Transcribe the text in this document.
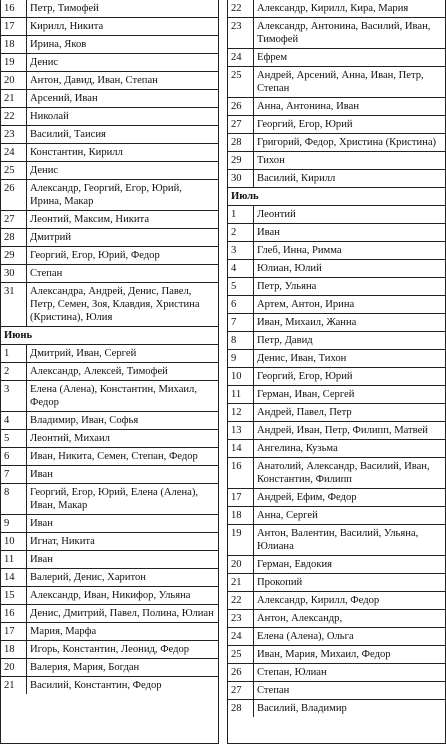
16	Петр, Тимофей
17	Кирилл, Никита
18	Ирина, Яков
19	Денис
20	Антон, Давид, Иван, Степан
21	Арсений, Иван
22	Николай
23	Василий, Таисия
24	Константин, Кирилл
25	Денис
26	Александр, Георгий, Егор, Юрий, Ирина, Макар
27	Леонтий, Максим, Никита
28	Дмитрий
29	Георгий, Егор, Юрий, Федор
30	Степан
31	Александра, Андрей, Денис, Павел, Петр, Семен, Зоя, Клавдия, Христина (Кристина), Юлия
Июнь
1	Дмитрий, Иван, Сергей
2	Александр, Алексей, Тимофей
3	Елена (Алена), Константин, Михаил, Федор
4	Владимир, Иван, Софья
5	Леонтий, Михаил
6	Иван, Никита, Семен, Степан, Федор
7	Иван
8	Георгий, Егор, Юрий, Елена (Алена), Иван, Макар
9	Иван
10	Игнат, Никита
11	Иван
14	Валерий, Денис, Харитон
15	Александр, Иван, Никифор, Ульяна
16	Денис, Дмитрий, Павел, Полина, Юлиан
17	Мария, Марфа
18	Игорь, Константин, Леонид, Федор
20	Валерия, Мария, Богдан
21	Василий, Константин, Федор
22	Александр, Кирилл, Кира, Мария
23	Александр, Антонина, Василий, Иван, Тимофей
24	Ефрем
25	Андрей, Арсений, Анна, Иван, Петр, Степан
26	Анна, Антонина, Иван
27	Георгий, Егор, Юрий
28	Григорий, Федор, Христина (Кристина)
29	Тихон
30	Василий, Кирилл
Июль
1	Леонтий
2	Иван
3	Глеб, Инна, Римма
4	Юлиан, Юлий
5	Петр, Ульяна
6	Артем, Антон, Ирина
7	Иван, Михаил, Жанна
8	Петр, Давид
9	Денис, Иван, Тихон
10	Георгий, Егор, Юрий
11	Герман, Иван, Сергей
12	Андрей, Павел, Петр
13	Андрей, Иван, Петр, Филипп, Матвей
14	Ангелина, Кузьма
16	Анатолий, Александр, Василий, Иван, Константин, Филипп
17	Андрей, Ефим, Федор
18	Анна, Сергей
19	Антон, Валентин, Василий, Ульяна, Юлиана
20	Герман, Евдокия
21	Прокопий
22	Александр, Кирилл, Федор
23	Антон, Александр,
24	Елена (Алена), Ольга
25	Иван, Мария, Михаил, Федор
26	Степан, Юлиан
27	Степан
28	Василий, Владимир
